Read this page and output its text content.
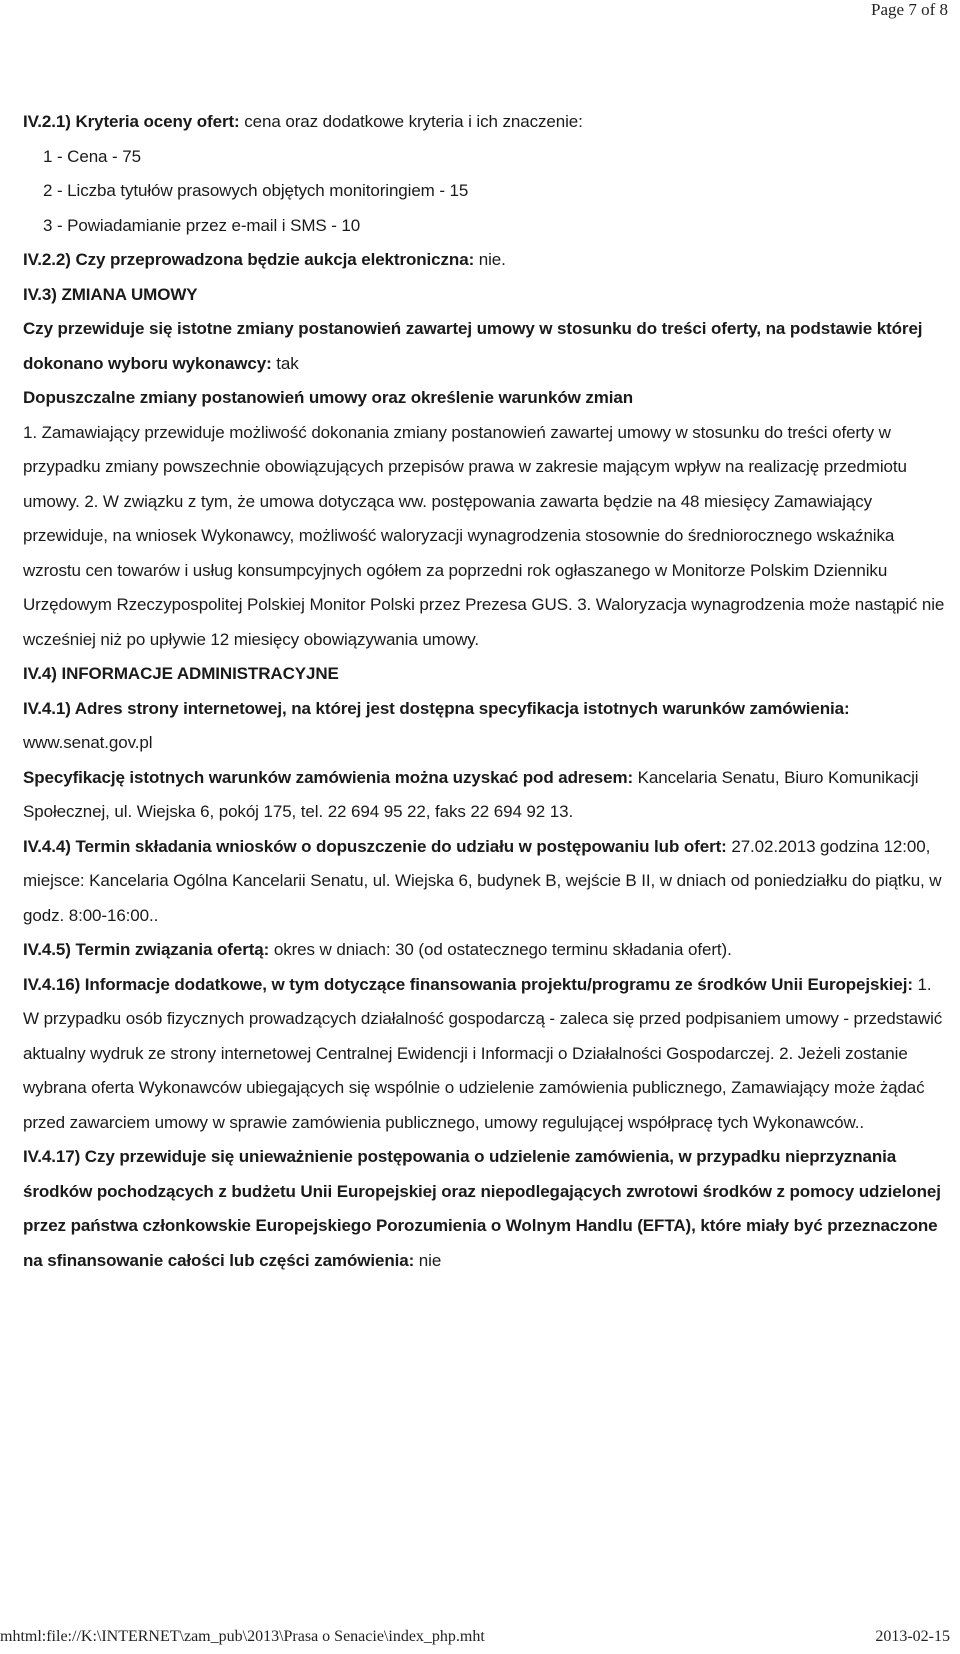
Page 7 of 8
IV.2.1) Kryteria oceny ofert: cena oraz dodatkowe kryteria i ich znaczenie:
1 - Cena - 75
2 - Liczba tytułów prasowych objętych monitoringiem - 15
3 - Powiadamianie przez e-mail i SMS - 10
IV.2.2) Czy przeprowadzona będzie aukcja elektroniczna: nie.
IV.3) ZMIANA UMOWY
Czy przewiduje się istotne zmiany postanowień zawartej umowy w stosunku do treści oferty, na podstawie której dokonano wyboru wykonawcy: tak
Dopuszczalne zmiany postanowień umowy oraz określenie warunków zmian
1. Zamawiający przewiduje możliwość dokonania zmiany postanowień zawartej umowy w stosunku do treści oferty w przypadku zmiany powszechnie obowiązujących przepisów prawa w zakresie mającym wpływ na realizację przedmiotu umowy. 2. W związku z tym, że umowa dotycząca ww. postępowania zawarta będzie na 48 miesięcy Zamawiający przewiduje, na wniosek Wykonawcy, możliwość waloryzacji wynagrodzenia stosownie do średniorocznego wskaźnika wzrostu cen towarów i usług konsumpcyjnych ogółem za poprzedni rok ogłaszanego w Monitorze Polskim Dzienniku Urzędowym Rzeczypospolitej Polskiej Monitor Polski przez Prezesa GUS. 3. Waloryzacja wynagrodzenia może nastąpić nie wcześniej niż po upływie 12 miesięcy obowiązywania umowy.
IV.4) INFORMACJE ADMINISTRACYJNE
IV.4.1) Adres strony internetowej, na której jest dostępna specyfikacja istotnych warunków zamówienia: www.senat.gov.pl
Specyfikację istotnych warunków zamówienia można uzyskać pod adresem: Kancelaria Senatu, Biuro Komunikacji Społecznej, ul. Wiejska 6, pokój 175, tel. 22 694 95 22, faks 22 694 92 13.
IV.4.4) Termin składania wniosków o dopuszczenie do udziału w postępowaniu lub ofert: 27.02.2013 godzina 12:00, miejsce: Kancelaria Ogólna Kancelarii Senatu, ul. Wiejska 6, budynek B, wejście B II, w dniach od poniedziałku do piątku, w godz. 8:00-16:00..
IV.4.5) Termin związania ofertą: okres w dniach: 30 (od ostatecznego terminu składania ofert).
IV.4.16) Informacje dodatkowe, w tym dotyczące finansowania projektu/programu ze środków Unii Europejskiej: 1. W przypadku osób fizycznych prowadzących działalność gospodarczą - zaleca się przed podpisaniem umowy - przedstawić aktualny wydruk ze strony internetowej Centralnej Ewidencji i Informacji o Działalności Gospodarczej. 2. Jeżeli zostanie wybrana oferta Wykonawców ubiegających się wspólnie o udzielenie zamówienia publicznego, Zamawiający może żądać przed zawarciem umowy w sprawie zamówienia publicznego, umowy regulującej współpracę tych Wykonawców..
IV.4.17) Czy przewiduje się unieważnienie postępowania o udzielenie zamówienia, w przypadku nieprzyznania środków pochodzących z budżetu Unii Europejskiej oraz niepodlegających zwrotowi środków z pomocy udzielonej przez państwa członkowskie Europejskiego Porozumienia o Wolnym Handlu (EFTA), które miały być przeznaczone na sfinansowanie całości lub części zamówienia: nie
mhtml:file://K:\INTERNET\zam_pub\2013\Prasa o Senacie\index_php.mht	2013-02-15
